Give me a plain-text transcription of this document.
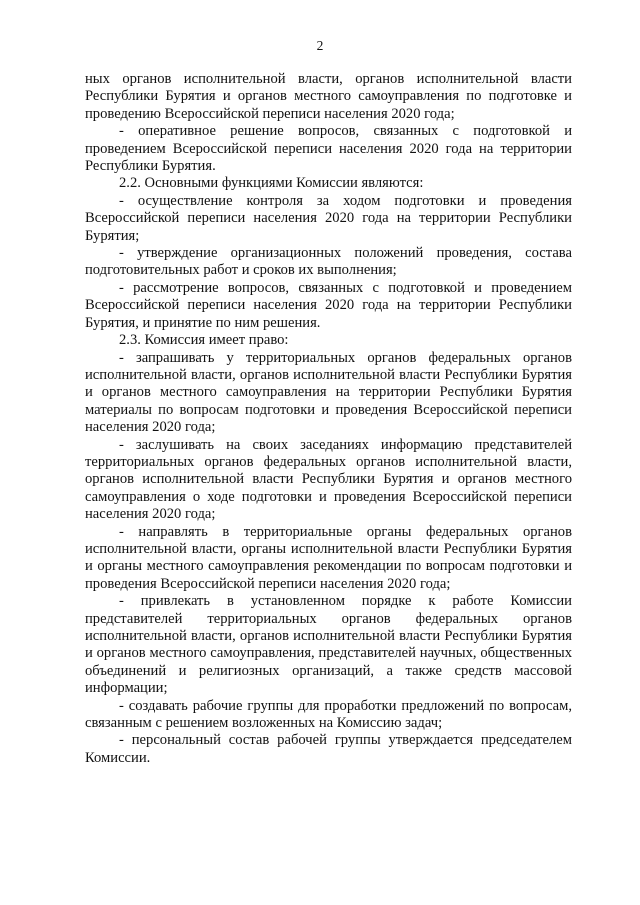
2

ных органов исполнительной власти, органов исполнительной власти Республики Бурятия и органов местного самоуправления по подготовке и проведению Всероссийской переписи населения 2020 года;

- оперативное решение вопросов, связанных с подготовкой и проведением Всероссийской переписи населения 2020 года на территории Республики Бурятия.

2.2. Основными функциями Комиссии являются:

- осуществление контроля за ходом подготовки и проведения Всероссийской переписи населения 2020 года на территории Республики Бурятия;

- утверждение организационных положений проведения, состава подготовительных работ и сроков их выполнения;

- рассмотрение вопросов, связанных с подготовкой и проведением Всероссийской переписи населения 2020 года на территории Республики Бурятия, и принятие по ним решения.

2.3. Комиссия имеет право:

- запрашивать у территориальных органов федеральных органов исполнительной власти, органов исполнительной власти Республики Бурятия и органов местного самоуправления на территории Республики Бурятия материалы по вопросам подготовки и проведения Всероссийской переписи населения 2020 года;

- заслушивать на своих заседаниях информацию представителей территориальных органов федеральных органов исполнительной власти, органов исполнительной власти Республики Бурятия и органов местного самоуправления о ходе подготовки и проведения Всероссийской переписи населения 2020 года;

- направлять в территориальные органы федеральных органов исполнительной власти, органы исполнительной власти Республики Бурятия и органы местного самоуправления рекомендации по вопросам подготовки и проведения Всероссийской переписи населения 2020 года;

- привлекать в установленном порядке к работе Комиссии представителей территориальных органов федеральных органов исполнительной власти, органов исполнительной власти Республики Бурятия и органов местного самоуправления, представителей научных, общественных объединений и религиозных организаций, а также средств массовой информации;

- создавать рабочие группы для проработки предложений по вопросам, связанным с решением возложенных на Комиссию задач;

- персональный состав рабочей группы утверждается председателем Комиссии.
